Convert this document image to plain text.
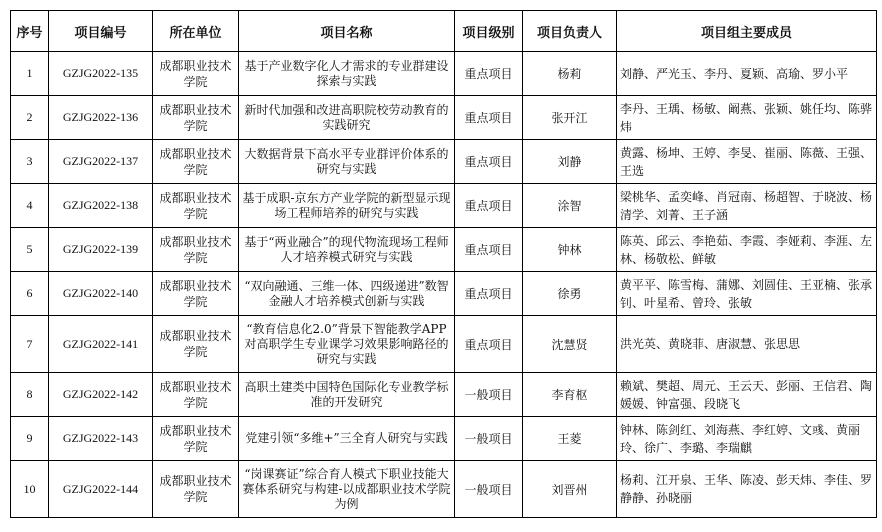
序号	项目编号	所在单位	项目名称	项目级别	项目负责人	项目组主要成员
1	GZJG2022-135	成都职业技术学院	基于产业数字化人才需求的专业群建设探索与实践	重点项目	杨莉	刘静、严光玉、李丹、夏颖、高瑜、罗小平
2	GZJG2022-136	成都职业技术学院	新时代加强和改进高职院校劳动教育的实践研究	重点项目	张开江	李丹、王瑀、杨敏、阚燕、张颖、姚任均、陈骅炜
3	GZJG2022-137	成都职业技术学院	大数据背景下高水平专业群评价体系的研究与实践	重点项目	刘静	黄露、杨坤、王婷、李旻、崔丽、陈薇、王强、王选
4	GZJG2022-138	成都职业技术学院	基于成职-京东方产业学院的新型显示现场工程师培养的研究与实践	重点项目	涂智	梁桃华、孟奕峰、肖冠南、杨超智、于晓波、杨清学、刘菁、王子涵
5	GZJG2022-139	成都职业技术学院	基于“两业融合”的现代物流现场工程师人才培养模式研究与实践	重点项目	钟林	陈英、邱云、李艳茹、李霞、李娅莉、李涯、左林、杨敬松、鲜敏
6	GZJG2022-140	成都职业技术学院	“双向融通、三维一体、四级递进”数智金融人才培养模式创新与实践	重点项目	徐勇	黄平平、陈雪梅、蒲娜、刘圆佳、王亚楠、张承钊、叶星希、曾玲、张敏
7	GZJG2022-141	成都职业技术学院	“教育信息化2.0”背景下智能教学APP对高职学生专业课学习效果影响路径的研究与实践	重点项目	沈慧贤	洪光英、黄晓菲、唐淑慧、张思思
8	GZJG2022-142	成都职业技术学院	高职土建类中国特色国际化专业教学标准的开发研究	一般项目	李育枢	赖斌、樊超、周元、王云天、彭丽、王信君、陶媛媛、钟富强、段晓飞
9	GZJG2022-143	成都职业技术学院	党建引领“多维+”三全育人研究与实践	一般项目	王菱	钟林、陈剑红、刘海燕、李红婷、文彧、黄丽玲、徐广、李璐、李瑞麒
10	GZJG2022-144	成都职业技术学院	“岗课赛证”综合育人模式下职业技能大赛体系研究与构建-以成都职业技术学院为例	一般项目	刘晋州	杨莉、江开泉、王华、陈凌、彭天炜、李佳、罗静静、孙晓丽
